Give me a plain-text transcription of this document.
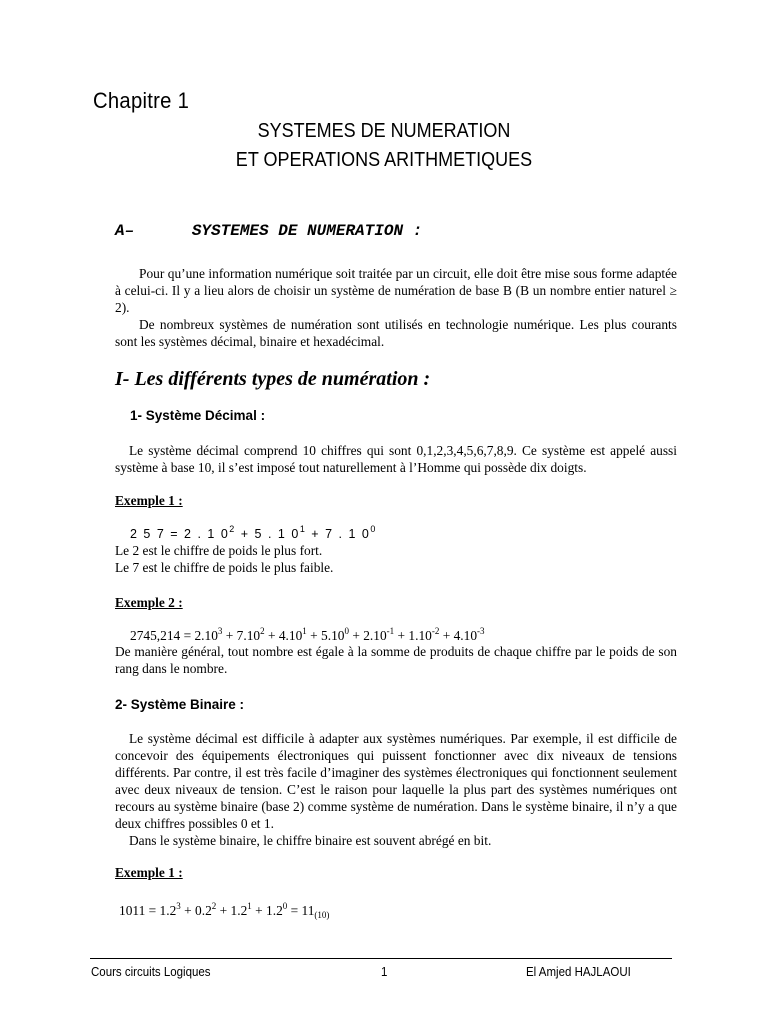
Chapitre 1
SYSTEMES DE NUMERATION
ET OPERATIONS ARITHMETIQUES
A–      SYSTEMES DE NUMERATION :

Pour qu’une information numérique soit traitée par un circuit, elle doit être mise sous forme adaptée à celui-ci. Il y a lieu alors de choisir un système de numération de base B (B un nombre entier naturel ≥ 2).

De nombreux systèmes de numération sont utilisés en technologie numérique. Les plus courants sont les systèmes décimal, binaire et hexadécimal.

I- Les différents types de numération :
1- Système Décimal :

Le système décimal comprend 10 chiffres qui sont 0,1,2,3,4,5,6,7,8,9. Ce système est appelé aussi système à base 10, il s’est imposé tout naturellement à l’Homme qui possède dix doigts.

Exemple 1 :
2 5 7 = 2 . 1 $0^2 + 5$ . 1 $0^1 + 7$ . 1 $0^0$

Le 2 est le chiffre de poids le plus fort.

Le 7 est le chiffre de poids le plus faible.

Exemple 2 :
$2745,214 = 2.10^3 + 7.10^2 + 4.10^1 + 5.10^0 + 2.10^{-1} + 1.10^{-2} + 4.10^{-3}$

De manière général, tout nombre est égale à la somme de produits de chaque chiffre par le poids de son rang dans le nombre.

2- Système Binaire :

Le système décimal est difficile à adapter aux systèmes numériques. Par exemple, il est difficile de concevoir des équipements électroniques qui puissent fonctionner avec dix niveaux de tensions différents. Par contre, il est très facile d’imaginer des systèmes électroniques qui fonctionnent seulement avec deux niveaux de tension. C’est le raison pour laquelle la plus part des systèmes numériques ont recours au système binaire (base 2) comme système de numération. Dans le système binaire, il n’y a que deux chiffres possibles 0 et 1.

Dans le système binaire, le chiffre binaire est souvent abrégé en bit.

Exemple 1 :
$1011 = 1.2^3 + 0.2^2 + 1.2^1 + 1.2^0 = 11_{(10)}$
Cours circuits Logiques	1	El Amjed HAJLAOUI
